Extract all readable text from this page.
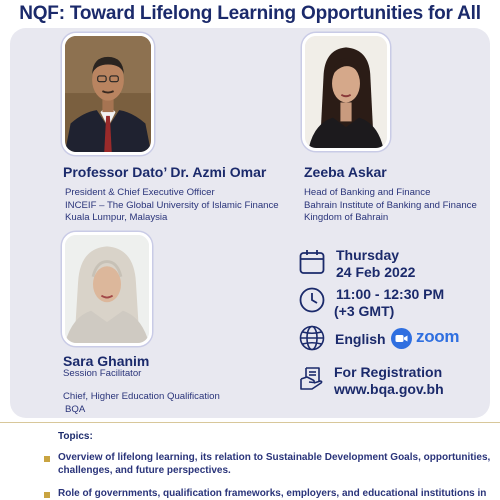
NQF: Toward Lifelong Learning Opportunities for All
Professor Dato’ Dr. Azmi Omar
President & Chief Executive Officer
INCEIF – The Global University of Islamic Finance
Kuala Lumpur, Malaysia
Zeeba Askar
Head of Banking and Finance
Bahrain Institute of Banking and Finance
Kingdom of Bahrain
Sara Ghanim
Session Facilitator
Chief, Higher Education Qualification
BQA
Thursday
24 Feb 2022
11:00 - 12:30 PM
(+3 GMT)
English zoom
For Registration
www.bqa.gov.bh
Topics:
Overview of lifelong learning, its relation to Sustainable Development Goals, opportunities,
challenges, and future perspectives.
Role of governments, qualification frameworks, employers, and educational institutions in
